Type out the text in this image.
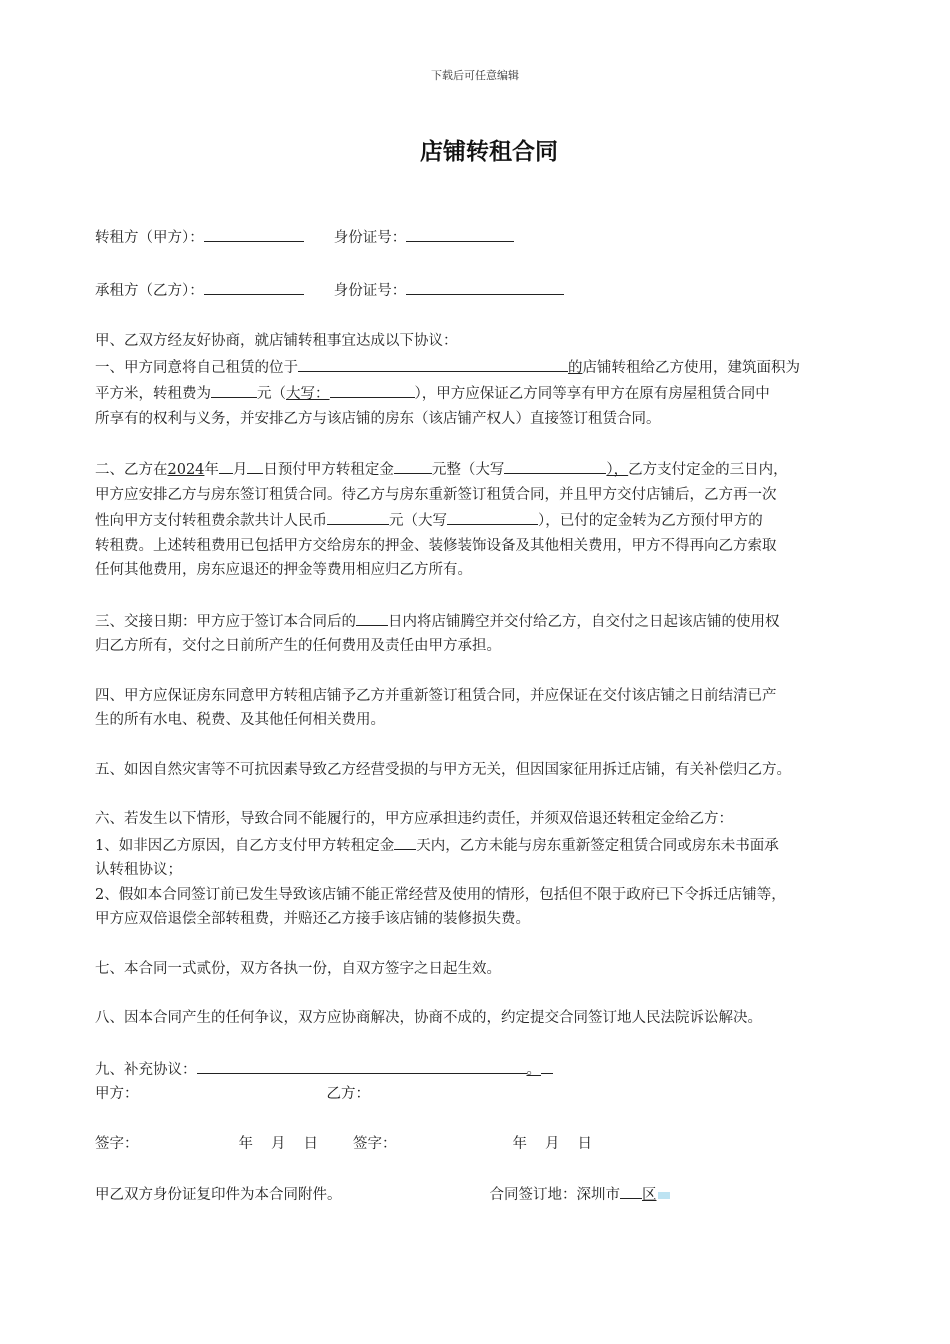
下载后可任意编辑
店铺转租合同
转租方（甲方）：	身份证号：
承租方（乙方）：	身份证号：
甲、乙双方经友好协商，就店铺转租事宜达成以下协议：
一、甲方同意将自己租赁的位于	的店铺转租给乙方使用，建筑面积为
平方米，转租费为	元（大写：	），甲方应保证乙方同等享有甲方在原有房屋租赁合同中
所享有的权利与义务，并安排乙方与该店铺的房东（该店铺产权人）直接签订租赁合同。
二、乙方在2024年 月 日预付甲方转租定金	元整（大写	），乙方支付定金的三日内，
甲方应安排乙方与房东签订租赁合同。待乙方与房东重新签订租赁合同，并且甲方交付店铺后，乙方再一次
性向甲方支付转租费余款共计人民币	元（大写	），已付的定金转为乙方预付甲方的
转租费。上述转租费用已包括甲方交给房东的押金、装修装饰设备及其他相关费用，甲方不得再向乙方索取
任何其他费用，房东应退还的押金等费用相应归乙方所有。
三、交接日期：甲方应于签订本合同后的 日内将店铺腾空并交付给乙方，自交付之日起该店铺的使用权
归乙方所有，交付之日前所产生的任何费用及责任由甲方承担。
四、甲方应保证房东同意甲方转租店铺予乙方并重新签订租赁合同，并应保证在交付该店铺之日前结清已产
生的所有水电、税费、及其他任何相关费用。
五、如因自然灾害等不可抗因素导致乙方经营受损的与甲方无关，但因国家征用拆迁店铺，有关补偿归乙方。
六、若发生以下情形，导致合同不能履行的，甲方应承担违约责任，并须双倍退还转租定金给乙方：
1、如非因乙方原因，自乙方支付甲方转租定金 天内，乙方未能与房东重新签定租赁合同或房东未书面承
认转租协议；
2、假如本合同签订前已发生导致该店铺不能正常经营及使用的情形，包括但不限于政府已下令拆迁店铺等，
甲方应双倍退偿全部转租费，并赔还乙方接手该店铺的装修损失费。
七、本合同一式贰份，双方各执一份，自双方签字之日起生效。
八、因本合同产生的任何争议，双方应协商解决，协商不成的，约定提交合同签订地人民法院诉讼解决。
九、补充协议：	。
甲方：	乙方：
签字：	年 月 日 签字：	年 月 日
甲乙双方身份证复印件为本合同附件。	合同签订地：深圳市 区
